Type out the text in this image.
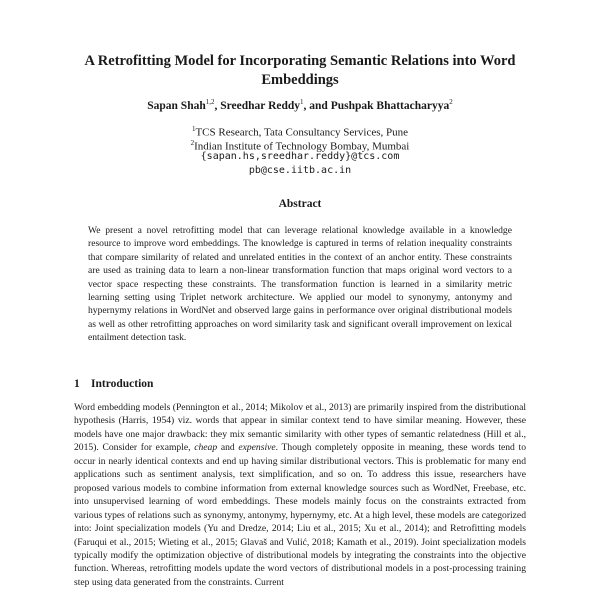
A Retrofitting Model for Incorporating Semantic Relations into Word Embeddings
Sapan Shah$^{1,2}$, Sreedhar Reddy$^1$, and Pushpak Bhattacharyya$^2$
$^1$TCS Research, Tata Consultancy Services, Pune
$^2$Indian Institute of Technology Bombay, Mumbai
{sapan.hs,sreedhar.reddy}@tcs.com
pb@cse.iitb.ac.in
Abstract
We present a novel retrofitting model that can leverage relational knowledge available in a knowledge resource to improve word embeddings. The knowledge is captured in terms of relation inequality constraints that compare similarity of related and unrelated entities in the context of an anchor entity. These constraints are used as training data to learn a non-linear transformation function that maps original word vectors to a vector space respecting these constraints. The transformation function is learned in a similarity metric learning setting using Triplet network architecture. We applied our model to synonymy, antonymy and hypernymy relations in WordNet and observed large gains in performance over original distributional models as well as other retrofitting approaches on word similarity task and significant overall improvement on lexical entailment detection task.
1 Introduction
Word embedding models (Pennington et al., 2014; Mikolov et al., 2013) are primarily inspired from the distributional hypothesis (Harris, 1954) viz. words that appear in similar context tend to have similar meaning. However, these models have one major drawback: they mix semantic similarity with other types of semantic relatedness (Hill et al., 2015). Consider for example, cheap and expensive. Though completely opposite in meaning, these words tend to occur in nearly identical contexts and end up having similar distributional vectors. This is problematic for many end applications such as sentiment analysis, text simplification, and so on. To address this issue, researchers have proposed various models to combine information from external knowledge sources such as WordNet, Freebase, etc. into unsupervised learning of word embeddings. These models mainly focus on the constraints extracted from various types of relations such as synonymy, antonymy, hypernymy, etc. At a high level, these models are categorized into: Joint specialization models (Yu and Dredze, 2014; Liu et al., 2015; Xu et al., 2014); and Retrofitting models (Faruqui et al., 2015; Wieting et al., 2015; Glavaš and Vulić, 2018; Kamath et al., 2019). Joint specialization models typically modify the optimization objective of distributional models by integrating the constraints into the objective function. Whereas, retrofitting models update the word vectors of distributional models in a post-processing training step using data generated from the constraints. Current
